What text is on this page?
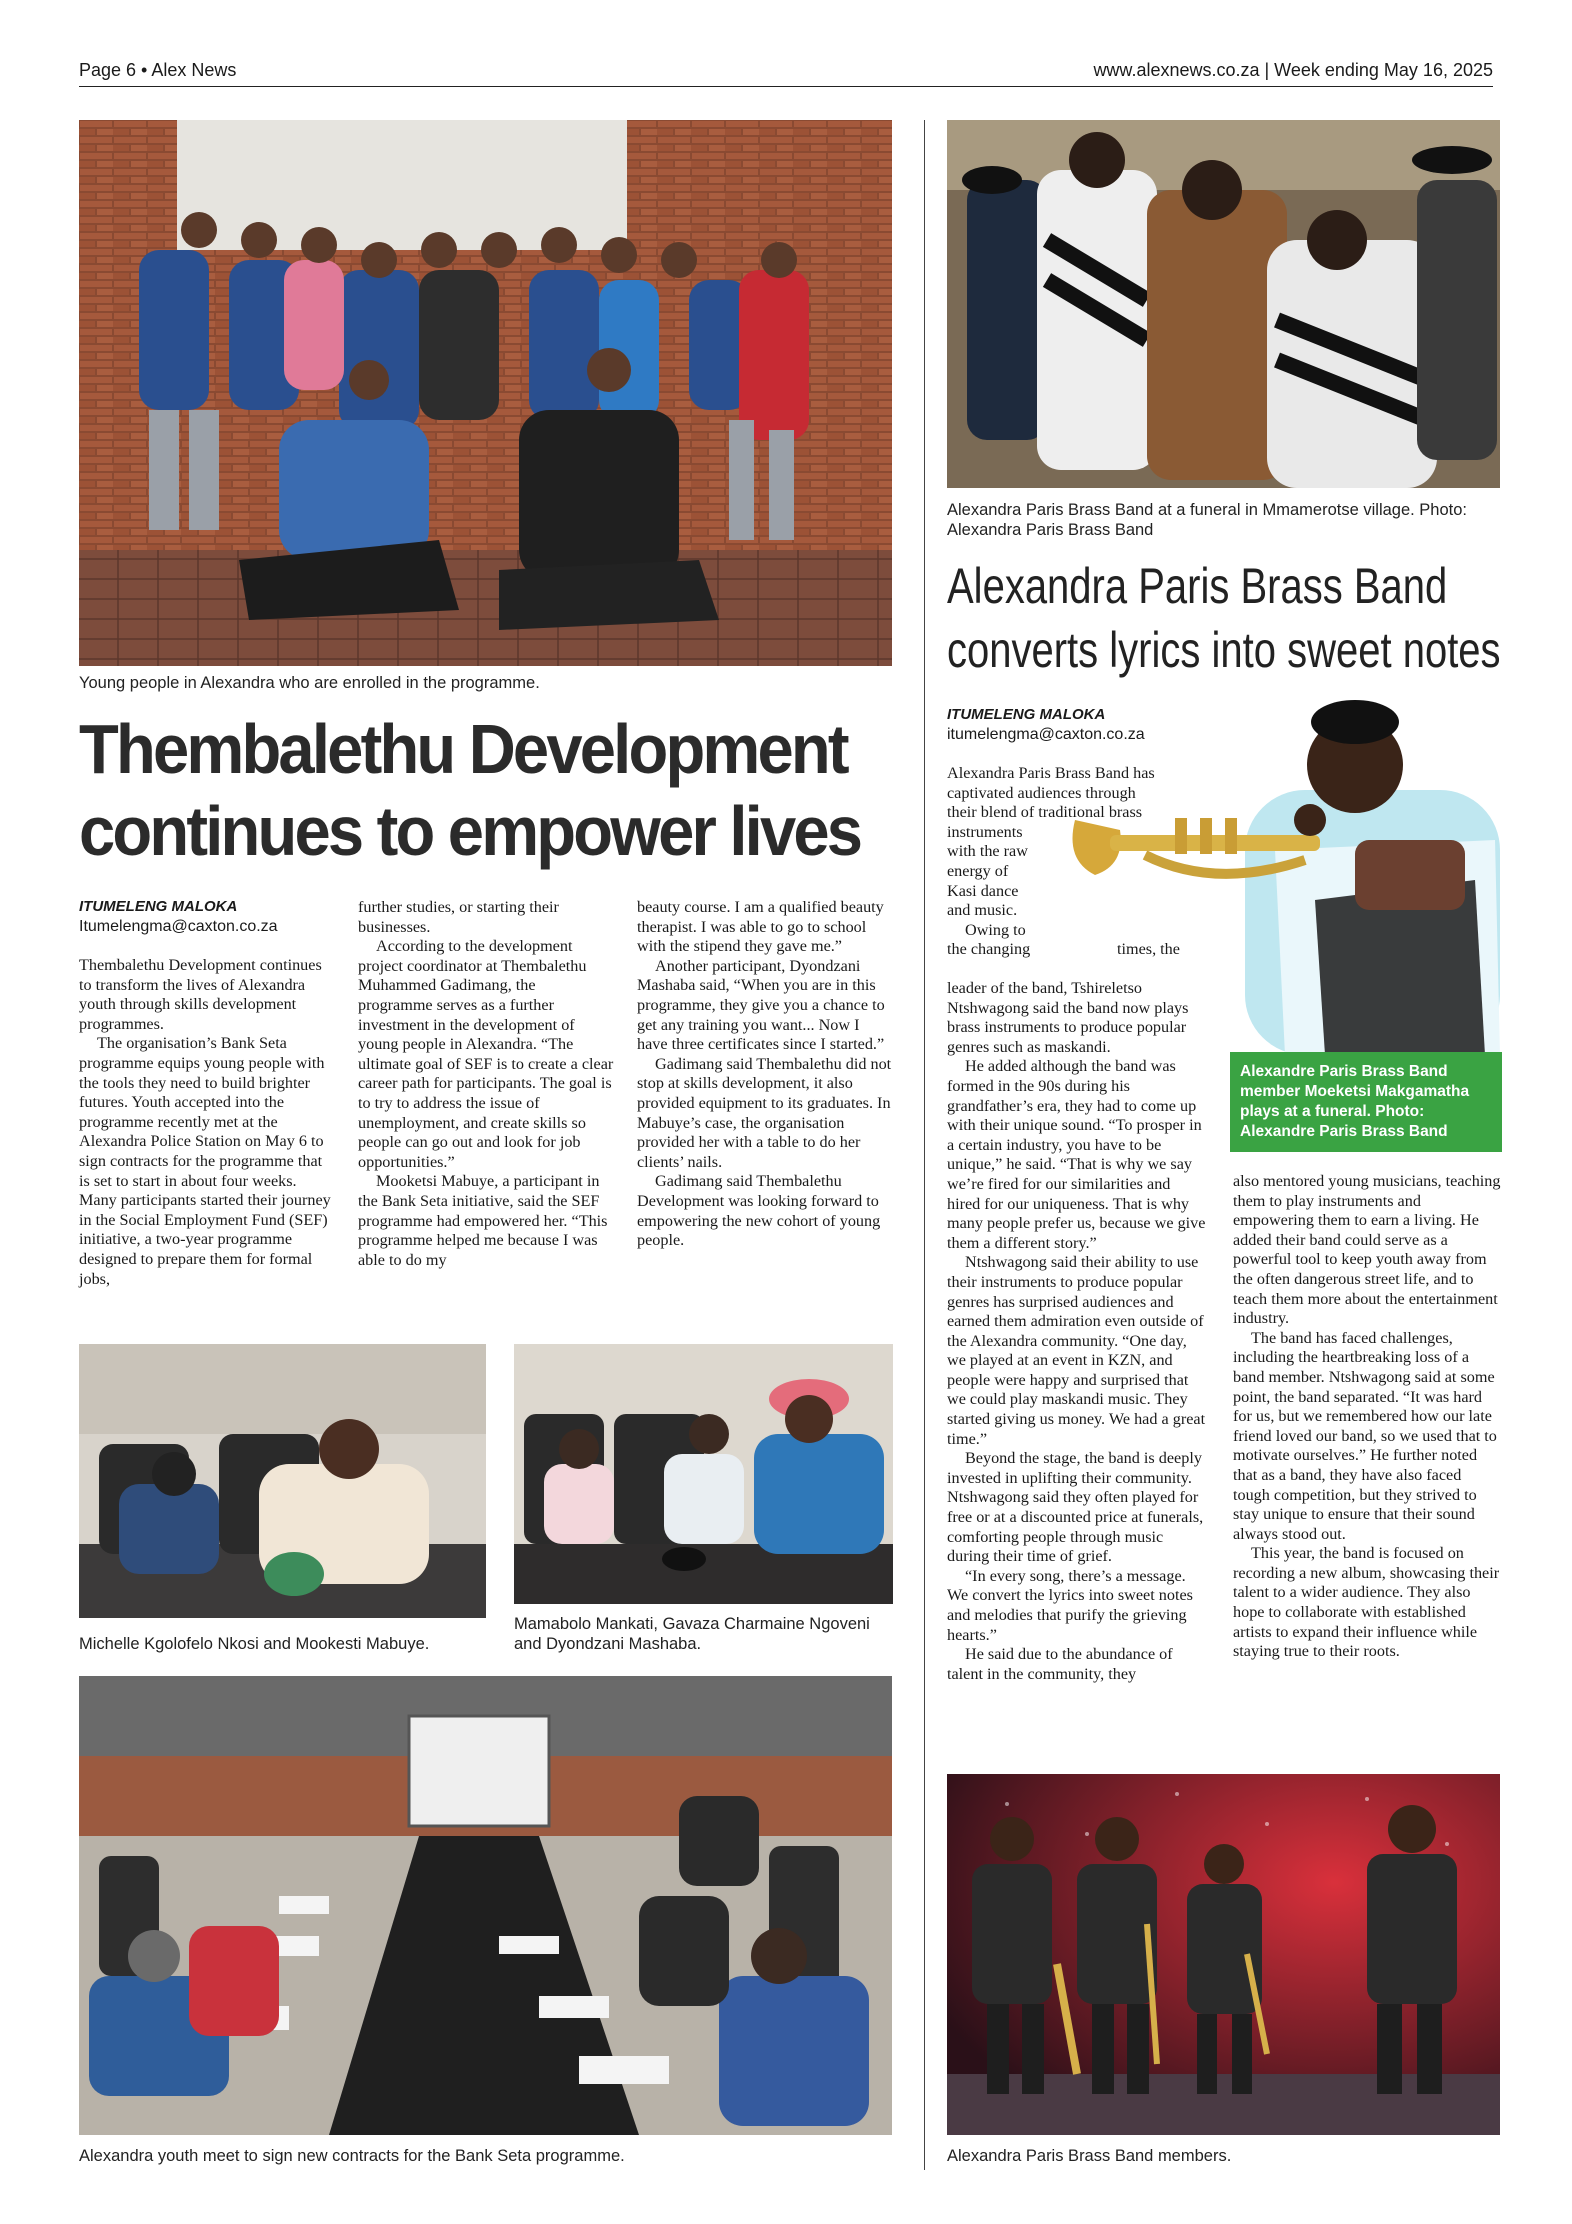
Page 6 • Alex News	www.alexnews.co.za | Week ending May 16, 2025
Young people in Alexandra who are enrolled in the programme.
Thembalethu Development
continues to empower lives
ITUMELENG MALOKA
Itumelengma@caxton.co.za

Thembalethu Development continues to transform the lives of Alexandra youth through skills development programmes.

The organisation’s Bank Seta programme equips young people with the tools they need to build brighter futures. Youth accepted into the programme recently met at the Alexandra Police Station on May 6 to sign contracts for the programme that is set to start in about four weeks. Many participants started their journey in the Social Employment Fund (SEF) initiative, a two-year programme designed to prepare them for formal jobs,

further studies, or starting their businesses.

According to the development project coordinator at Thembalethu Muhammed Gadimang, the programme serves as a further investment in the development of young people in Alexandra. “The ultimate goal of SEF is to create a clear career path for participants. The goal is to try to address the issue of unemployment, and create skills so people can go out and look for job opportunities.”

Mooketsi Mabuye, a participant in the Bank Seta initiative, said the SEF programme had empowered her. “This programme helped me because I was able to do my

beauty course. I am a qualified beauty therapist. I was able to go to school with the stipend they gave me.”

Another participant, Dyondzani Mashaba said, “When you are in this programme, they give you a chance to get any training you want... Now I have three certificates since I started.”

Gadimang said Thembalethu did not stop at skills development, it also provided equipment to its graduates. In Mabuye’s case, the organisation provided her with a table to do her clients’ nails.

Gadimang said Thembalethu Development was looking forward to empowering the new cohort of young people.

Michelle Kgolofelo Nkosi and Mookesti Mabuye.
Mamabolo Mankati, Gavaza Charmaine Ngoveni and Dyondzani Mashaba.
Alexandra youth meet to sign new contracts for the Bank Seta programme.
Alexandra Paris Brass Band at a funeral in Mmamerotse village. Photo: Alexandra Paris Brass Band
Alexandra Paris Brass Band
converts lyrics into sweet notes
ITUMELENG MALOKA
itumelengma@caxton.co.za
Alexandra Paris Brass Band has
captivated audiences through
their blend of traditional brass
instruments
with the raw
energy of
Kasi dance
and music.
Owing to
the changing	times, the

leader of the band, Tshireletso Ntshwagong said the band now plays brass instruments to produce popular genres such as maskandi.

He added although the band was formed in the 90s during his grandfather’s era, they had to come up with their unique sound. “To prosper in a certain industry, you have to be unique,” he said. “That is why we say we’re fired for our similarities and hired for our uniqueness. That is why many people prefer us, because we give them a different story.”

Ntshwagong said their ability to use their instruments to produce popular genres has surprised audiences and earned them admiration even outside of the Alexandra community. “One day, we played at an event in KZN, and people were happy and surprised that we could play maskandi music. They started giving us money. We had a great time.”

Beyond the stage, the band is deeply invested in uplifting their community. Ntshwagong said they often played for free or at a discounted price at funerals, comforting people through music during their time of grief.

“In every song, there’s a message. We convert the lyrics into sweet notes and melodies that purify the grieving hearts.”

He said due to the abundance of talent in the community, they

Alexandre Paris Brass Band member Moeketsi Makgamatha plays at a funeral. Photo: Alexandre Paris Brass Band

also mentored young musicians, teaching them to play instruments and empowering them to earn a living. He added their band could serve as a powerful tool to keep youth away from the often dangerous street life, and to teach them more about the entertainment industry.

The band has faced challenges, including the heartbreaking loss of a band member. Ntshwagong said at some point, the band separated. “It was hard for us, but we remembered how our late friend loved our band, so we used that to motivate ourselves.” He further noted that as a band, they have also faced tough competition, but they strived to stay unique to ensure that their sound always stood out.

This year, the band is focused on recording a new album, showcasing their talent to a wider audience. They also hope to collaborate with established artists to expand their influence while staying true to their roots.

Alexandra Paris Brass Band members.
